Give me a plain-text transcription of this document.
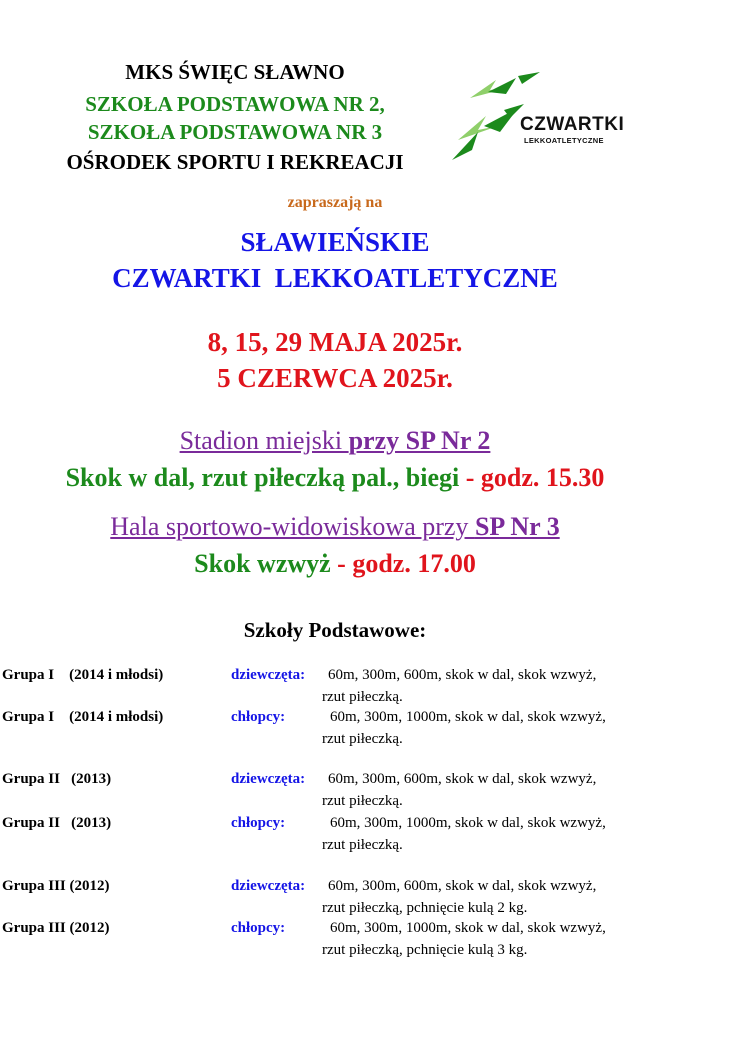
MKS ŚWIĘC SŁAWNO
SZKOŁA PODSTAWOWA NR 2,
SZKOŁA PODSTAWOWA NR 3
OŚRODEK SPORTU I REKREACJI
CZWARTKI
LEKKOATLETYCZNE
zapraszają na
SŁAWIEŃSKIE
CZWARTKI  LEKKOATLETYCZNE
8, 15, 29 MAJA 2025r.
5 CZERWCA 2025r.
Stadion miejski przy SP Nr 2
Skok w dal, rzut piłeczką pal., biegi - godz. 15.30
Hala sportowo-widowiskowa przy SP Nr 3
Skok wzwyż - godz. 17.00
Szkoły Podstawowe:
Grupa I    (2014 i młodsi)	dziewczęta: 60m, 300m, 600m, skok w dal, skok wzwyż,
rzut piłeczką.
Grupa I    (2014 i młodsi)	chłopcy:	60m, 300m, 1000m, skok w dal, skok wzwyż,
rzut piłeczką.
Grupa II   (2013)	dziewczęta: 60m, 300m, 600m, skok w dal, skok wzwyż,
rzut piłeczką.
Grupa II   (2013)	chłopcy:	60m, 300m, 1000m, skok w dal, skok wzwyż,
rzut piłeczką.
Grupa III (2012)	dziewczęta: 60m, 300m, 600m, skok w dal, skok wzwyż,
rzut piłeczką, pchnięcie kulą 2 kg.
Grupa III (2012)	chłopcy:	60m, 300m, 1000m, skok w dal, skok wzwyż,
rzut piłeczką, pchnięcie kulą 3 kg.
